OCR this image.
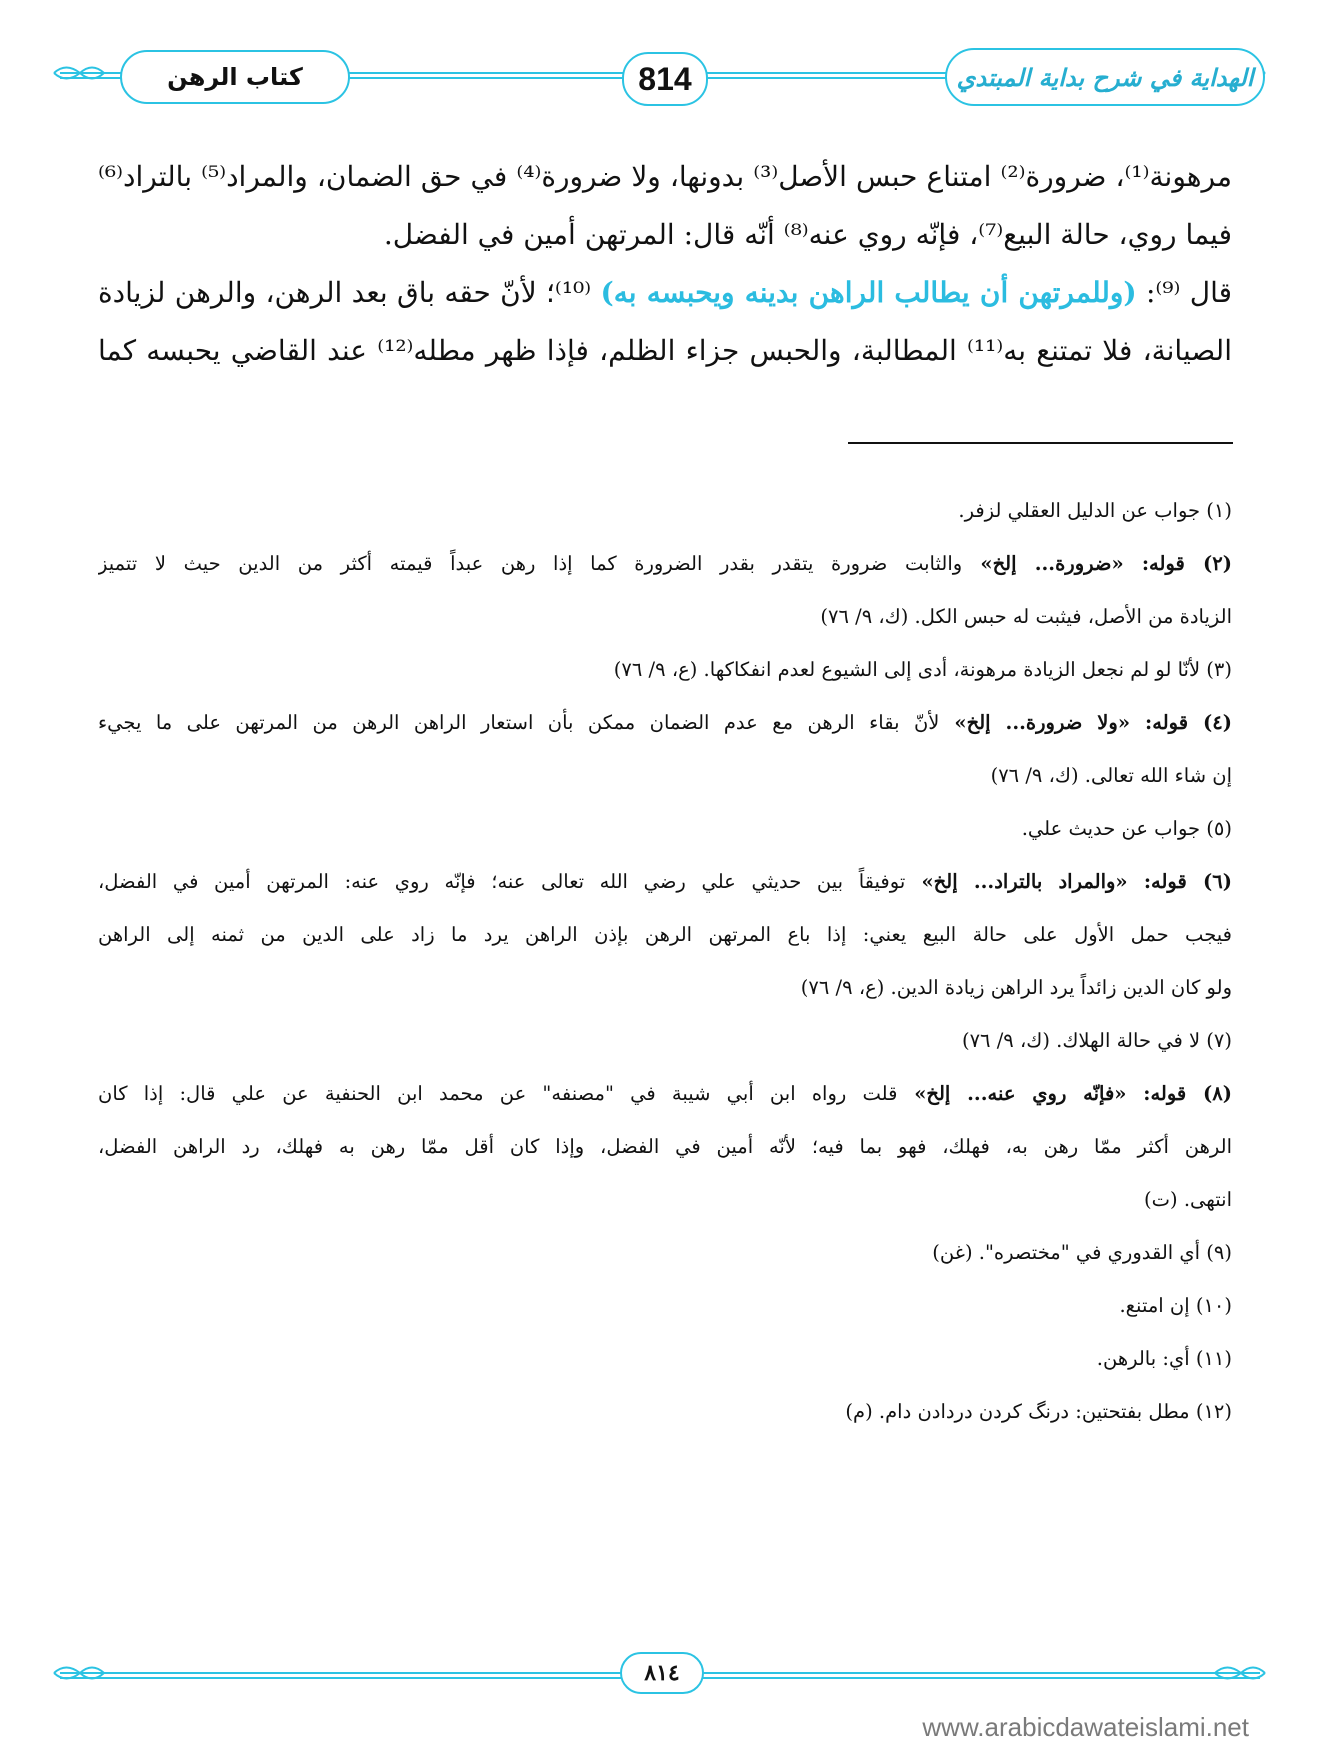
كتاب الرهن	814	الهداية في شرح بداية المبتدي
مرهونة⁽¹⁾، ضرورة⁽²⁾ امتناع حبس الأصل⁽³⁾ بدونها، ولا ضرورة⁽⁴⁾ في حق الضمان، والمراد⁽⁵⁾ بالتراد⁽⁶⁾
فيما روي، حالة البيع⁽⁷⁾، فإنّه روي عنه⁽⁸⁾ أنّه قال: المرتهن أمين في الفضل.
قال ⁽⁹⁾: (وللمرتهن أن يطالب الراهن بدينه ويحبسه به) ⁽¹⁰⁾؛ لأنّ حقه باق بعد الرهن، والرهن لزيادة
الصيانة، فلا تمتنع به⁽¹¹⁾ المطالبة، والحبس جزاء الظلم، فإذا ظهر مطله⁽¹²⁾ عند القاضي يحبسه كما
(١) جواب عن الدليل العقلي لزفر.
(٢) قوله: «ضرورة... إلخ» والثابت ضرورة يتقدر بقدر الضرورة كما إذا رهن عبداً قيمته أكثر من الدين حيث لا تتميز
الزيادة من الأصل، فيثبت له حبس الكل. (ك، ٩/ ٧٦)
(٣) لأنّا لو لم نجعل الزيادة مرهونة، أدى إلى الشيوع لعدم انفكاكها. (ع، ٩/ ٧٦)
(٤) قوله: «ولا ضرورة... إلخ» لأنّ بقاء الرهن مع عدم الضمان ممكن بأن استعار الراهن الرهن من المرتهن على ما يجيء
إن شاء الله تعالى. (ك، ٩/ ٧٦)
(٥) جواب عن حديث علي.
(٦) قوله: «والمراد بالتراد... إلخ» توفيقاً بين حديثي علي رضي الله تعالى عنه؛ فإنّه روي عنه: المرتهن أمين في الفضل،
فيجب حمل الأول على حالة البيع يعني: إذا باع المرتهن الرهن بإذن الراهن يرد ما زاد على الدين من ثمنه إلى الراهن
ولو كان الدين زائداً يرد الراهن زيادة الدين. (ع، ٩/ ٧٦)
(٧) لا في حالة الهلاك. (ك، ٩/ ٧٦)
(٨) قوله: «فإنّه روي عنه... إلخ» قلت رواه ابن أبي شيبة في "مصنفه" عن محمد ابن الحنفية عن علي قال: إذا كان
الرهن أكثر ممّا رهن به، فهلك، فهو بما فيه؛ لأنّه أمين في الفضل، وإذا كان أقل ممّا رهن به فهلك، رد الراهن الفضل،
انتهى. (ت)
(٩) أي القدوري في "مختصره". (غن)
(١٠) إن امتنع.
(١١) أي: بالرهن.
(١٢) مطل بفتحتين: درنگ كردن دردادن دام. (م)
٨١٤
www.arabicdawateislami.net
